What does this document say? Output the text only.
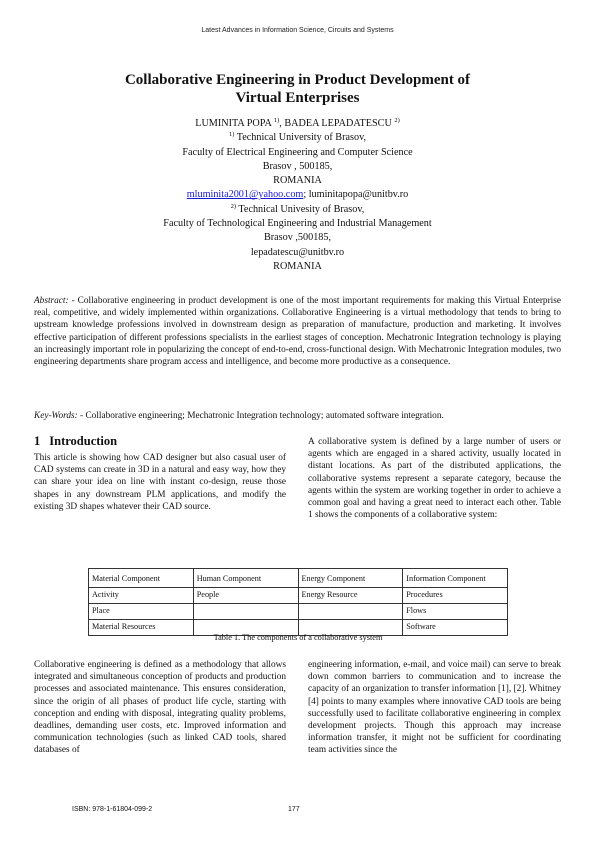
Latest Advances in Information Science, Circuits and Systems
Collaborative Engineering in Product Development of
Virtual Enterprises
LUMINITA POPA $^{1)}$, BADEA LEPADATESCU $^{2)}$
$^{1)}$ Technical University of Brasov,
Faculty of Electrical Engineering and Computer Science
Brasov , 500185,
ROMANIA
mluminita2001@yahoo.com; luminitapopa@unitbv.ro
$^{2)}$ Technical Univesity of Brasov,
Faculty of Technological Engineering and Industrial Management
Brasov ,500185,
lepadatescu@unitbv.ro
ROMANIA
Abstract: - Collaborative engineering in product development is one of the most important requirements for making this Virtual Enterprise real, competitive, and widely implemented within organizations. Collaborative Engineering is a virtual methodology that tends to bring to upstream knowledge professions involved in downstream design as preparation of manufacture, production and marketing. It involves effective participation of different professions specialists in the earliest stages of conception. Mechatronic Integration technology is playing an increasingly important role in popularizing the concept of end-to-end, cross-functional design. With Mechatronic Integration modules, two engineering departments share program access and intelligence, and become more productive as a consequence.
Key-Words: - Collaborative engineering; Mechatronic Integration technology; automated software integration.
1 Introduction
This article is showing how CAD designer but also casual user of CAD systems can create in 3D in a natural and easy way, how they can share your idea on line with instant co-design, reuse those shapes in any downstream PLM applications, and modify the existing 3D shapes whatever their CAD source.
A collaborative system is defined by a large number of users or agents which are engaged in a shared activity, usually located in distant locations. As part of the distributed applications, the collaborative systems represent a separate category, because the agents within the system are working together in order to achieve a common goal and having a great need to interact each other. Table 1 shows the components of a collaborative system:
Material Component	Human Component	Energy Component	Information Component
Activity	People	Energy Resource	Procedures
Place			Flows
Material Resources			Software
Table 1. The components of a collaborative system
Collaborative engineering is defined as a methodology that allows integrated and simultaneous conception of products and production processes and associated maintenance. This ensures consideration, since the origin of all phases of product life cycle, starting with conception and ending with disposal, integrating quality problems, deadlines, demanding user costs, etc. Improved information and communication technologies (such as linked CAD tools, shared databases of
engineering information, e-mail, and voice mail) can serve to break down common barriers to communication and to increase the capacity of an organization to transfer information [1], [2]. Whitney [4] points to many examples where innovative CAD tools are being successfully used to facilitate collaborative engineering in complex development projects. Though this approach may increase information transfer, it might not be sufficient for coordinating team activities since the
ISBN: 978-1-61804-099-2	177
